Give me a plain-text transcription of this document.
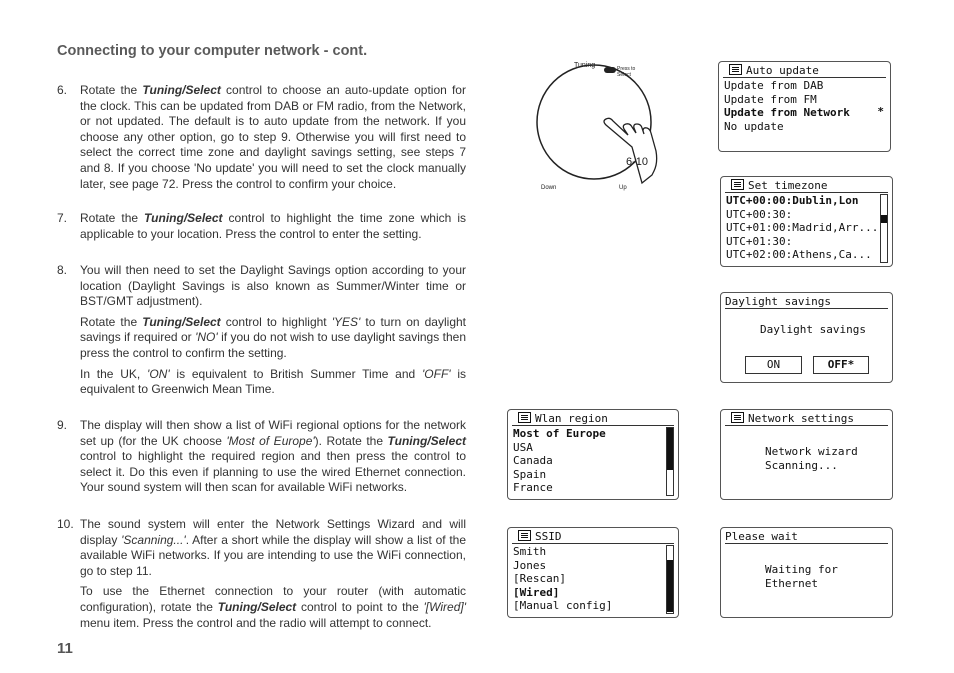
Connecting to your computer network - cont.
6. Rotate the Tuning/Select control to choose an auto-update option for the clock. This can be updated from DAB or FM radio, from the Network, or not updated. The default is to auto update from the network. If you choose any other option, go to step 9. Otherwise you will first need to select the correct time zone and daylight savings setting, see steps 7 and 8. If you choose 'No update' you will need to set the clock manually later, see page 72. Press the control to confirm your choice.

7. Rotate the Tuning/Select control to highlight the time zone which is applicable to your location. Press the control to enter the setting.

8. You will then need to set the Daylight Savings option according to your location (Daylight Savings is also known as Summer/Winter time or BST/GMT adjustment).

Rotate the Tuning/Select control to highlight 'YES' to turn on daylight savings if required or 'NO' if you do not wish to use daylight savings then press the control to confirm the setting.

In the UK, 'ON' is equivalent to British Summer Time and 'OFF' is equivalent to Greenwich Mean Time.

9. The display will then show a list of WiFi regional options for the network set up (for the UK choose 'Most of Europe'). Rotate the Tuning/Select control to highlight the required region and then press the control to select it. Do this even if planning to use the wired Ethernet connection. Your sound system will then scan for available WiFi networks.

10. The sound system will enter the Network Settings Wizard and will display 'Scanning...'. After a short while the display will show a list of the available WiFi networks. If you are intending to use the WiFi connection, go to step 11.

To use the Ethernet connection to your router (with automatic configuration), rotate the Tuning/Select control to point to the '[Wired]' menu item. Press the control and the radio will attempt to connect.

11
Tuning	Press to
Select
Down	Up
6-10
Auto update
Update from DAB
Update from FM
Update from Network
No update
*
Set timezone
UTC+00:00:Dublin,Lon
UTC+00:30:
UTC+01:00:Madrid,Arr...
UTC+01:30:
UTC+02:00:Athens,Ca...
Daylight savings
Daylight savings
ON	OFF*
Wlan region
Most of Europe
USA
Canada
Spain
France
Network settings
Network wizard
Scanning...
SSID
Smith
Jones
[Rescan]
[Wired]
[Manual config]
Please wait
Waiting for
Ethernet
